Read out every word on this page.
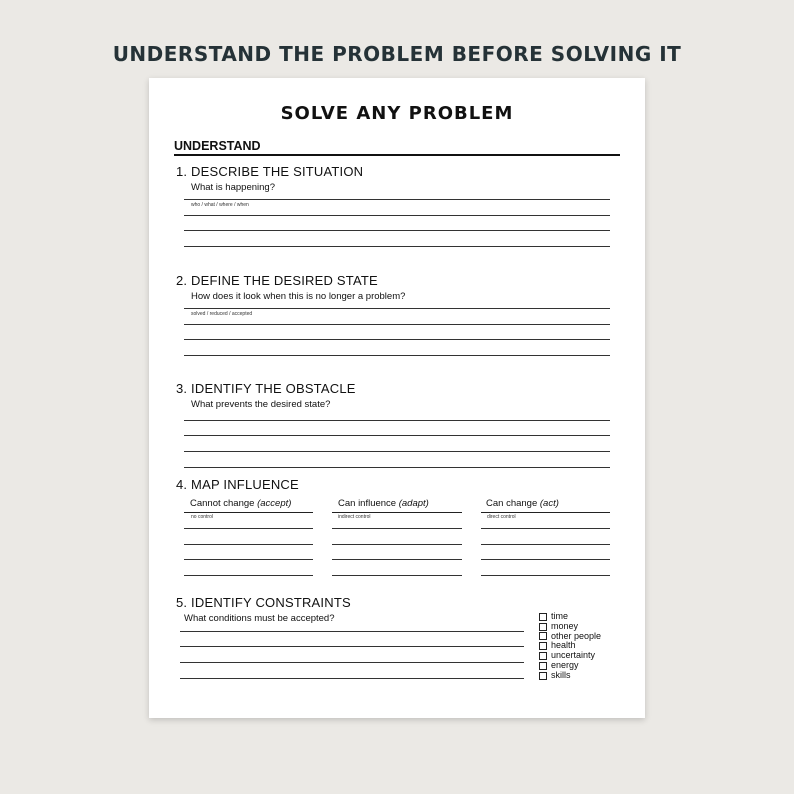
UNDERSTAND THE PROBLEM BEFORE SOLVING IT
SOLVE ANY PROBLEM
UNDERSTAND
1. DESCRIBE THE SITUATION
What is happening?
who / what / where / when
2. DEFINE THE DESIRED STATE
How does it look when this is no longer a problem?
solved / reduced / accepted
3. IDENTIFY THE OBSTACLE
What prevents the desired state?
4. MAP INFLUENCE
Cannot change (accept)
no control
Can influence (adapt)
indirect control
Can change (act)
direct control
5. IDENTIFY CONSTRAINTS
What conditions must be accepted?	time
money
other people
health
uncertainty
energy
skills
